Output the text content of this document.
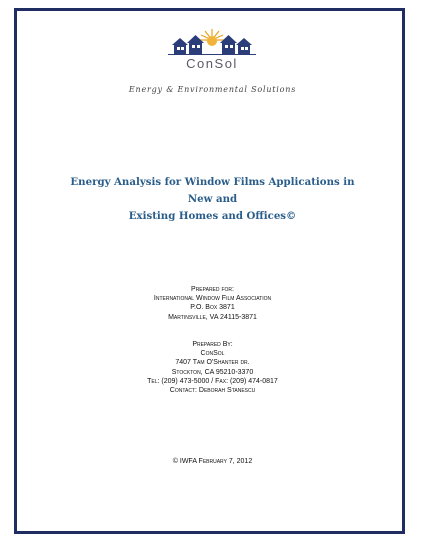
ConSol
Energy & Environmental Solutions
Energy Analysis for Window Films Applications in New and
Existing Homes and Offices©
Prepared for:
International Window Film Association
P.O. Box 3871
Martinsville, VA 24115-3871
Prepared By:
ConSol
7407 Tam O'Shanter dr.
Stockton, CA 95210-3370
Tel: (209) 473-5000 / Fax: (209) 474-0817
Contact: Deborah Stanescu
© IWFA February 7, 2012
